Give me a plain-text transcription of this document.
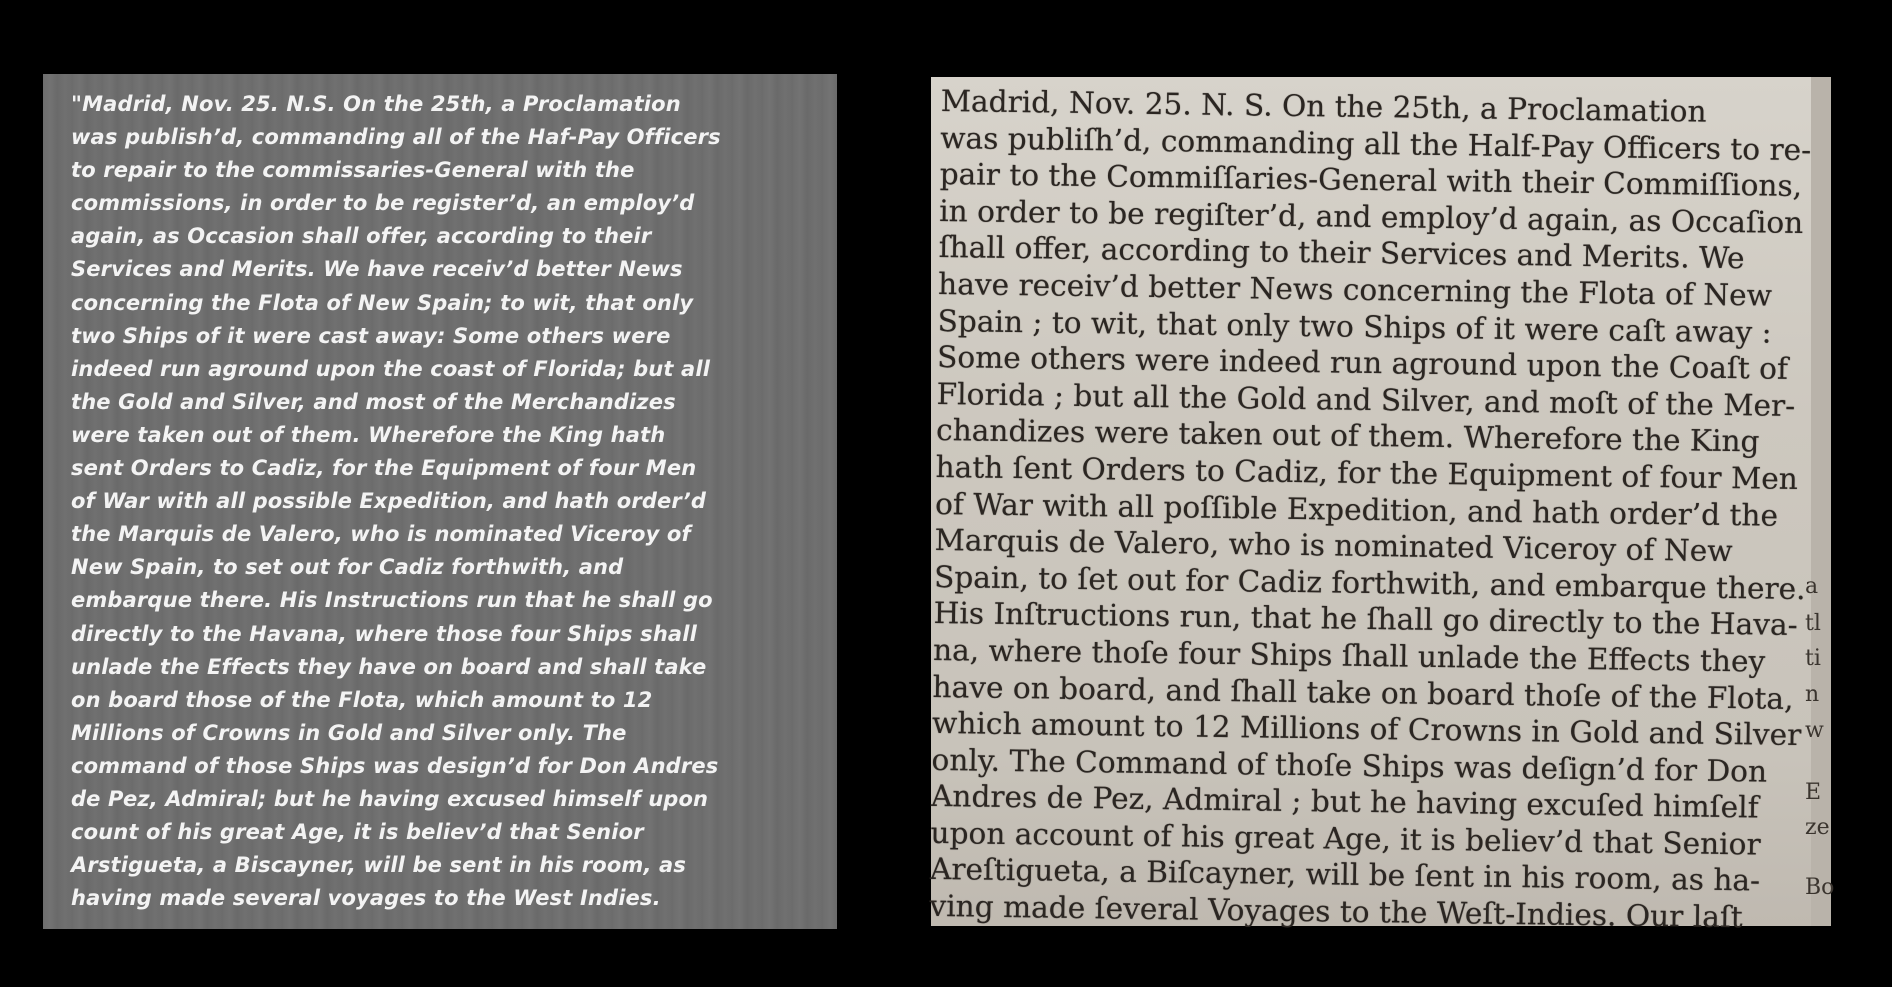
"Madrid, Nov. 25. N.S. On the 25th, a Proclamation
was publish’d, commanding all of the Haf-Pay Officers
to repair to the commissaries-General with the
commissions, in order to be register’d, an employ’d
again, as Occasion shall offer, according to their
Services and Merits. We have receiv’d better News
concerning the Flota of New Spain; to wit, that only
two Ships of it were cast away: Some others were
indeed run aground upon the coast of Florida; but all
the Gold and Silver, and most of the Merchandizes
were taken out of them. Wherefore the King hath
sent Orders to Cadiz, for the Equipment of four Men
of War with all possible Expedition, and hath order’d
the Marquis de Valero, who is nominated Viceroy of
New Spain, to set out for Cadiz forthwith, and
embarque there. His Instructions run that he shall go
directly to the Havana, where those four Ships shall
unlade the Effects they have on board and shall take
on board those of the Flota, which amount to 12
Millions of Crowns in Gold and Silver only. The
command of those Ships was design’d for Don Andres
de Pez, Admiral; but he having excused himself upon
count of his great Age, it is believ’d that Senior
Arstigueta, a Biscayner, will be sent in his room, as
having made several voyages to the West Indies.

Madrid, Nov. 25. N. S. On the 25th, a Proclamation
was publiſh’d, commanding all the Half-Pay Officers to re-
pair to the Commiſſaries-General with their Commiſſions,
in order to be regiſter’d, and employ’d again, as Occaſion
ſhall offer, according to their Services and Merits. We
have receiv’d better News concerning the Flota of New
Spain ; to wit, that only two Ships of it were caſt away :
Some others were indeed run aground upon the Coaſt of
Florida ; but all the Gold and Silver, and moſt of the Mer-
chandizes were taken out of them. Wherefore the King
hath ſent Orders to Cadiz, for the Equipment of four Men
of War with all poſſible Expedition, and hath order’d the
Marquis de Valero, who is nominated Viceroy of New
Spain, to ſet out for Cadiz forthwith, and embarque there.
His Inſtructions run, that he ſhall go directly to the Hava-
na, where thoſe four Ships ſhall unlade the Effects they
have on board, and ſhall take on board thoſe of the Flota,
which amount to 12 Millions of Crowns in Gold and Silver
only. The Command of thoſe Ships was deſign’d for Don
Andres de Pez, Admiral ; but he having excuſed himſelf
upon account of his great Age, it is believ’d that Senior
Areſtigueta, a Biſcayner, will be ſent in his room, as ha-
ving made ſeveral Voyages to the Weſt-Indies. Our laſt

a
tl
ti
n
w
E
ze
Bo
